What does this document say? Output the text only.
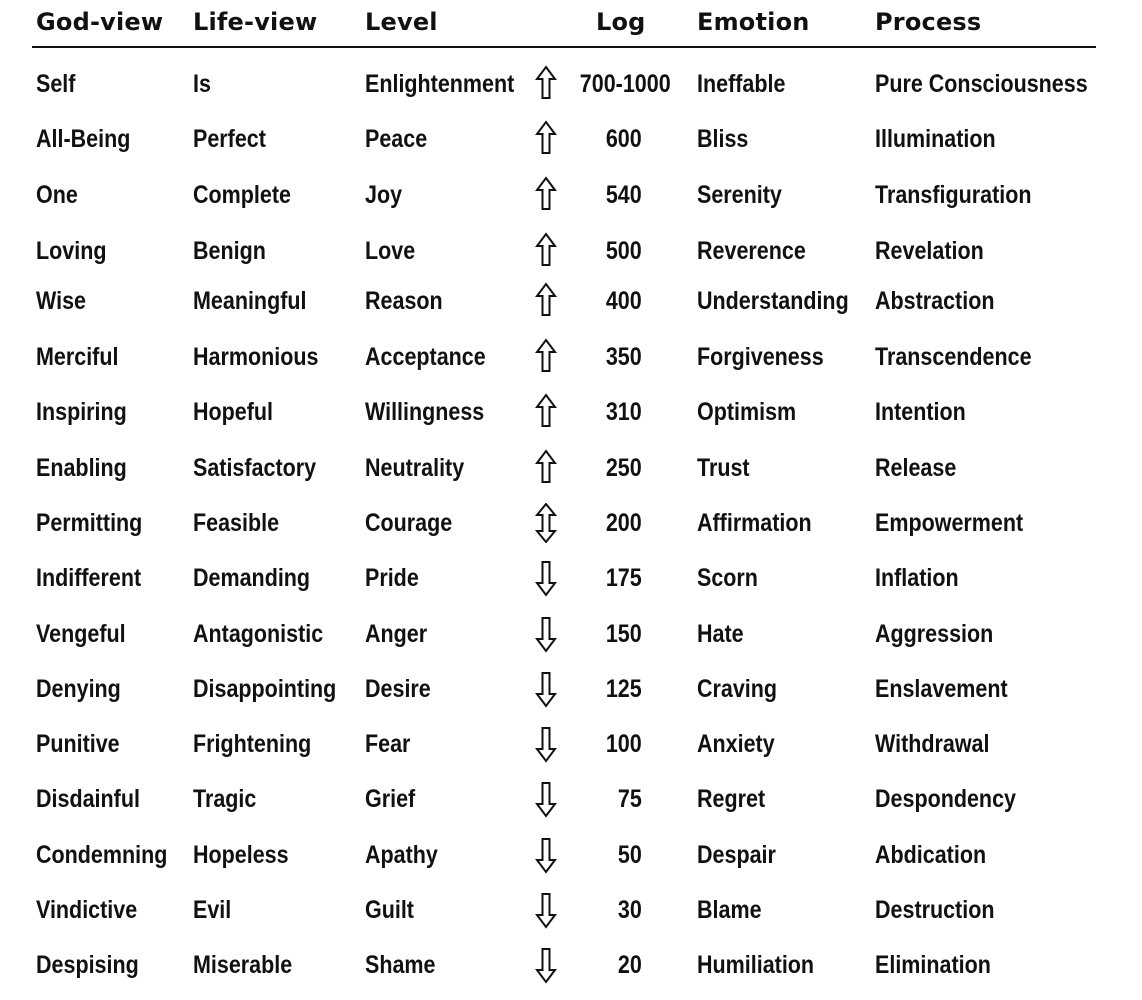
God-view Life-view Level	Log Emotion	Process
Self	Is	Enlightenment	700-1000 Ineffable	Pure Consciousness
All-Being	Perfect	Peace	600 Bliss	Illumination
One	Complete	Joy	540 Serenity	Transfiguration
Loving	Benign	Love	500 Reverence	Revelation
Wise	Meaningful Reason	400 Understanding Abstraction
Merciful	Harmonious Acceptance	350 Forgiveness Transcendence
Inspiring	Hopeful	Willingness	310 Optimism	Intention
Enabling	Satisfactory Neutrality	250 Trust	Release
Permitting Feasible	Courage	200 Affirmation	Empowerment
Indifferent Demanding Pride	175 Scorn	Inflation
Vengeful	Antagonistic Anger	150 Hate	Aggression
Denying	Disappointing Desire	125 Craving	Enslavement
Punitive	Frightening Fear	100 Anxiety	Withdrawal
Disdainful Tragic	Grief	75 Regret	Despondency
Condemning Hopeless	Apathy	50 Despair	Abdication
Vindictive Evil	Guilt	30 Blame	Destruction
Despising Miserable	Shame	20 Humiliation Elimination
